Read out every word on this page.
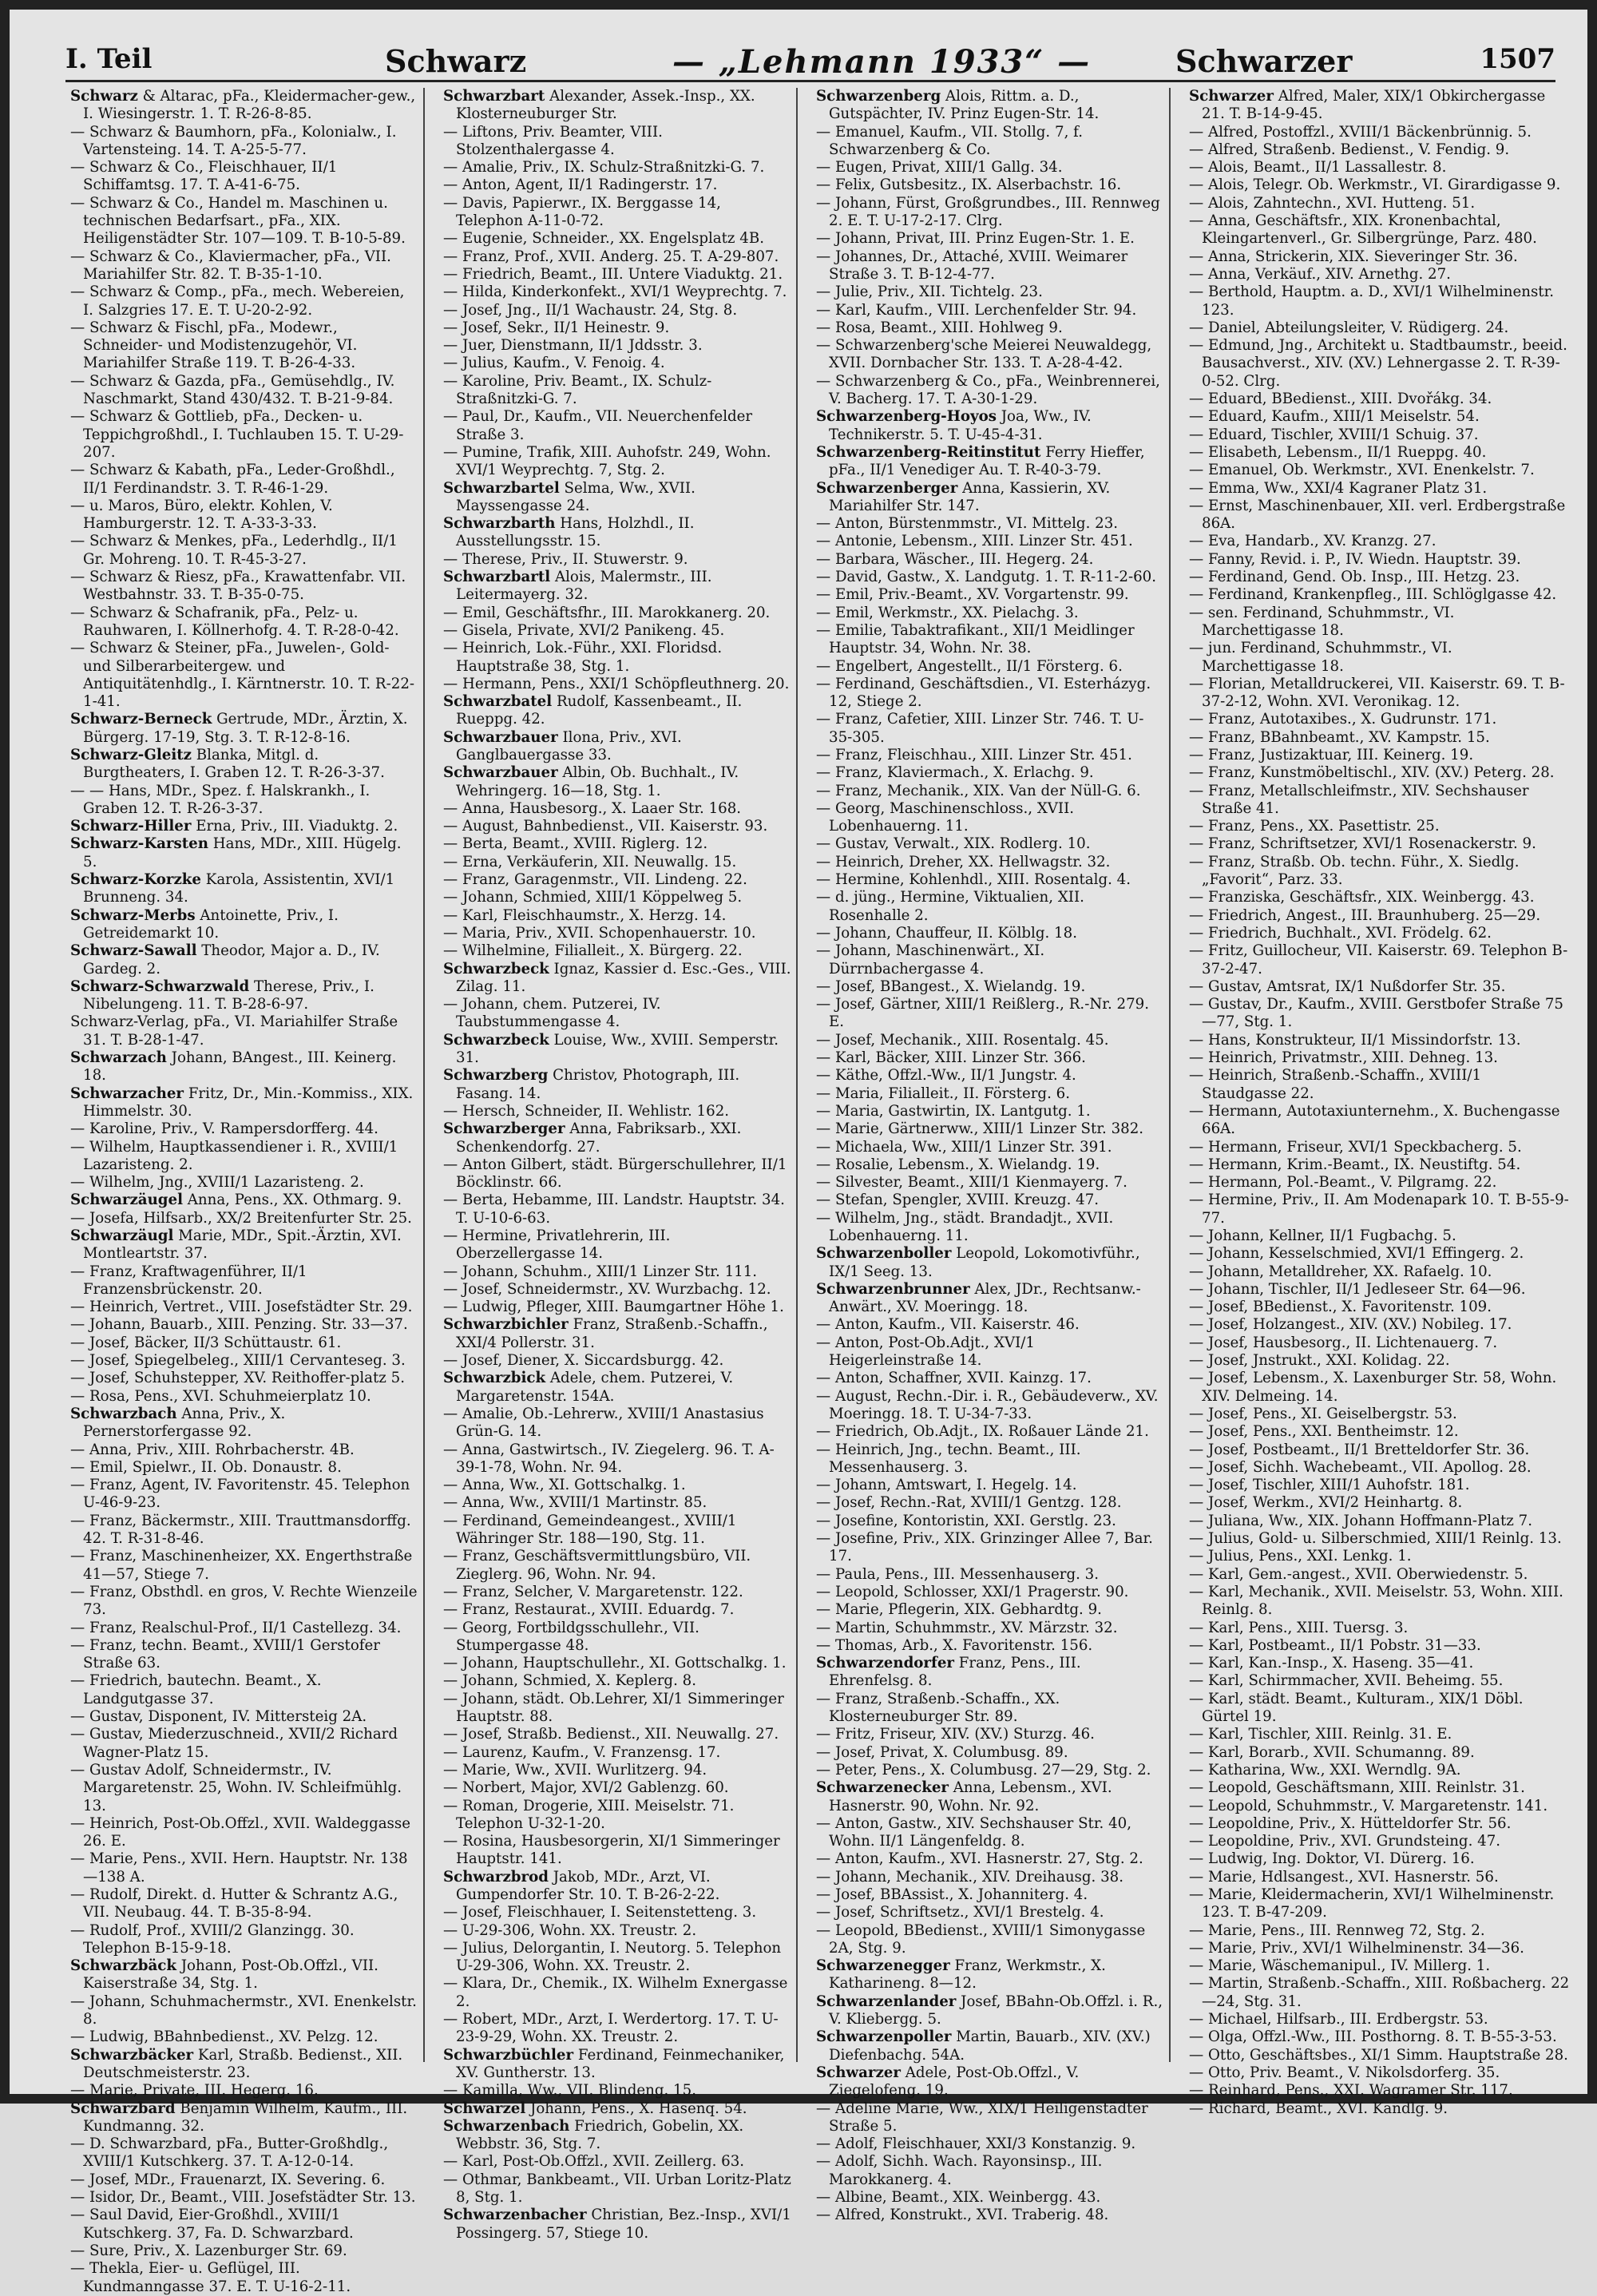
I. Teil	Schwarz	— „Lehmann 1933“ —	Schwarzer	1507
Schwarz & Altarac, pFa., Kleidermacher-gew., I. Wiesingerstr. 1. T. R-26-8-85.
— Schwarz & Baumhorn, pFa., Kolonialw., I. Vartensteing. 14. T. A-25-5-77.
— Schwarz & Co., Fleischhauer, II/1 Schiffamtsg. 17. T. A-41-6-75.
— Schwarz & Co., Handel m. Maschinen u. technischen Bedarfsart., pFa., XIX. Heiligenstädter Str. 107—109. T. B-10-5-89.
— Schwarz & Co., Klaviermacher, pFa., VII. Mariahilfer Str. 82. T. B-35-1-10.
— Schwarz & Comp., pFa., mech. Webereien, I. Salzgries 17. E. T. U-20-2-92.
— Schwarz & Fischl, pFa., Modewr., Schneider- und Modistenzugehör, VI. Mariahilfer Straße 119. T. B-26-4-33.
— Schwarz & Gazda, pFa., Gemüsehdlg., IV. Naschmarkt, Stand 430/432. T. B-21-9-84.
— Schwarz & Gottlieb, pFa., Decken- u. Teppichgroßhdl., I. Tuchlauben 15. T. U-29-207.
— Schwarz & Kabath, pFa., Leder-Großhdl., II/1 Ferdinandstr. 3. T. R-46-1-29.
— u. Maros, Büro, elektr. Kohlen, V. Hamburgerstr. 12. T. A-33-3-33.
— Schwarz & Menkes, pFa., Lederhdlg., II/1 Gr. Mohreng. 10. T. R-45-3-27.
— Schwarz & Riesz, pFa., Krawattenfabr. VII. Westbahnstr. 33. T. B-35-0-75.
— Schwarz & Schafranik, pFa., Pelz- u. Rauhwaren, I. Köllnerhofg. 4. T. R-28-0-42.
— Schwarz & Steiner, pFa., Juwelen-, Gold- und Silberarbeitergew. und Antiquitätenhdlg., I. Kärntnerstr. 10. T. R-22-1-41.
Schwarz-Berneck Gertrude, MDr., Ärztin, X. Bürgerg. 17-19, Stg. 3. T. R-12-8-16.
Schwarz-Gleitz Blanka, Mitgl. d. Burgtheaters, I. Graben 12. T. R-26-3-37.
— — Hans, MDr., Spez. f. Halskrankh., I. Graben 12. T. R-26-3-37.
Schwarz-Hiller Erna, Priv., III. Viaduktg. 2.
Schwarz-Karsten Hans, MDr., XIII. Hügelg. 5.
Schwarz-Korzke Karola, Assistentin, XVI/1 Brunneng. 34.
Schwarz-Merbs Antoinette, Priv., I. Getreidemarkt 10.
Schwarz-Sawall Theodor, Major a. D., IV. Gardeg. 2.
Schwarz-Schwarzwald Therese, Priv., I. Nibelungeng. 11. T. B-28-6-97.
Schwarz-Verlag, pFa., VI. Mariahilfer Straße 31. T. B-28-1-47.
Schwarzach Johann, BAngest., III. Keinerg. 18.
Schwarzacher Fritz, Dr., Min.-Kommiss., XIX. Himmelstr. 30.
— Karoline, Priv., V. Rampersdorfferg. 44.
— Wilhelm, Hauptkassendiener i. R., XVIII/1 Lazaristeng. 2.
— Wilhelm, Jng., XVIII/1 Lazaristeng. 2.
Schwarzäugel Anna, Pens., XX. Othmarg. 9.
— Josefa, Hilfsarb., XX/2 Breitenfurter Str. 25.
Schwarzäugl Marie, MDr., Spit.-Ärztin, XVI. Montleartstr. 37.
— Franz, Kraftwagenführer, II/1 Franzensbrückenstr. 20.
— Heinrich, Vertret., VIII. Josefstädter Str. 29.
— Johann, Bauarb., XIII. Penzing. Str. 33—37.
— Josef, Bäcker, II/3 Schüttaustr. 61.
— Josef, Spiegelbeleg., XIII/1 Cervanteseg. 3.
— Josef, Schuhstepper, XV. Reithoffer-platz 5.
— Rosa, Pens., XVI. Schuhmeierplatz 10.
Schwarzbach Anna, Priv., X. Pernerstorfergasse 92.
— Anna, Priv., XIII. Rohrbacherstr. 4B.
— Emil, Spielwr., II. Ob. Donaustr. 8.
— Franz, Agent, IV. Favoritenstr. 45. Telephon U-46-9-23.
— Franz, Bäckermstr., XIII. Trauttmansdorffg. 42. T. R-31-8-46.
— Franz, Maschinenheizer, XX. Engerthstraße 41—57, Stiege 7.
— Franz, Obsthdl. en gros, V. Rechte Wienzeile 73.
— Franz, Realschul-Prof., II/1 Castellezg. 34.
— Franz, techn. Beamt., XVIII/1 Gerstofer Straße 63.
— Friedrich, bautechn. Beamt., X. Landgutgasse 37.
— Gustav, Disponent, IV. Mittersteig 2A.
— Gustav, Miederzuschneid., XVII/2 Richard Wagner-Platz 15.
— Gustav Adolf, Schneidermstr., IV. Margaretenstr. 25, Wohn. IV. Schleifmühlg. 13.
— Heinrich, Post-Ob.Offzl., XVII. Waldeggasse 26. E.
— Marie, Pens., XVII. Hern. Hauptstr. Nr. 138—138 A.
— Rudolf, Direkt. d. Hutter & Schrantz A.G., VII. Neubaug. 44. T. B-35-8-94.
— Rudolf, Prof., XVIII/2 Glanzingg. 30. Telephon B-15-9-18.
Schwarzbäck Johann, Post-Ob.Offzl., VII. Kaiserstraße 34, Stg. 1.
— Johann, Schuhmachermstr., XVI. Enenkelstr. 8.
— Ludwig, BBahnbedienst., XV. Pelzg. 12.
Schwarzbäcker Karl, Straßb. Bedienst., XII. Deutschmeisterstr. 23.
— Marie, Private, III. Hegerg. 16.
Schwarzbard Benjamin Wilhelm, Kaufm., III. Kundmanng. 32.
— D. Schwarzbard, pFa., Butter-Großhdlg., XVIII/1 Kutschkerg. 37. T. A-12-0-14.
— Josef, MDr., Frauenarzt, IX. Severing. 6.
— Isidor, Dr., Beamt., VIII. Josefstädter Str. 13.
— Saul David, Eier-Großhdl., XVIII/1 Kutschkerg. 37, Fa. D. Schwarzbard.
— Sure, Priv., X. Lazenburger Str. 69.
— Thekla, Eier- u. Geflügel, III. Kundmanngasse 37. E. T. U-16-2-11.
Schwarzbart Alexander, Assek.-Insp., XX. Klosterneuburger Str.
— Liftons, Priv. Beamter, VIII. Stolzenthalergasse 4.
— Amalie, Priv., IX. Schulz-Straßnitzki-G. 7.
— Anton, Agent, II/1 Radingerstr. 17.
— Davis, Papierwr., IX. Berggasse 14, Telephon A-11-0-72.
— Eugenie, Schneider., XX. Engelsplatz 4B.
— Franz, Prof., XVII. Anderg. 25. T. A-29-807.
— Friedrich, Beamt., III. Untere Viaduktg. 21.
— Hilda, Kinderkonfekt., XVI/1 Weyprechtg. 7.
— Josef, Jng., II/1 Wachaustr. 24, Stg. 8.
— Josef, Sekr., II/1 Heinestr. 9.
— Juer, Dienstmann, II/1 Jddsstr. 3.
— Julius, Kaufm., V. Fenoig. 4.
— Karoline, Priv. Beamt., IX. Schulz-Straßnitzki-G. 7.
— Paul, Dr., Kaufm., VII. Neuerchenfelder Straße 3.
— Pumine, Trafik, XIII. Auhofstr. 249, Wohn. XVI/1 Weyprechtg. 7, Stg. 2.
Schwarzbartel Selma, Ww., XVII. Mayssengasse 24.
Schwarzbarth Hans, Holzhdl., II. Ausstellungsstr. 15.
— Therese, Priv., II. Stuwerstr. 9.
Schwarzbartl Alois, Malermstr., III. Leitermayerg. 32.
— Emil, Geschäftsfhr., III. Marokkanerg. 20.
— Gisela, Private, XVI/2 Panikeng. 45.
— Heinrich, Lok.-Führ., XXI. Floridsd. Hauptstraße 38, Stg. 1.
— Hermann, Pens., XXI/1 Schöpfleuthnerg. 20.
Schwarzbatel Rudolf, Kassenbeamt., II. Rueppg. 42.
Schwarzbauer Ilona, Priv., XVI. Ganglbauergasse 33.
Schwarzbauer Albin, Ob. Buchhalt., IV. Wehringerg. 16—18, Stg. 1.
— Anna, Hausbesorg., X. Laaer Str. 168.
— August, Bahnbedienst., VII. Kaiserstr. 93.
— Berta, Beamt., XVIII. Riglerg. 12.
— Erna, Verkäuferin, XII. Neuwallg. 15.
— Franz, Garagenmstr., VII. Lindeng. 22.
— Johann, Schmied, XIII/1 Köppelweg 5.
— Karl, Fleischhaumstr., X. Herzg. 14.
— Maria, Priv., XVII. Schopenhauerstr. 10.
— Wilhelmine, Filialleit., X. Bürgerg. 22.
Schwarzbeck Ignaz, Kassier d. Esc.-Ges., VIII. Zilag. 11.
— Johann, chem. Putzerei, IV. Taubstummengasse 4.
Schwarzbeck Louise, Ww., XVIII. Semperstr. 31.
Schwarzberg Christov, Photograph, III. Fasang. 14.
— Hersch, Schneider, II. Wehlistr. 162.
Schwarzberger Anna, Fabriksarb., XXI. Schenkendorfg. 27.
— Anton Gilbert, städt. Bürgerschullehrer, II/1 Böcklinstr. 66.
— Berta, Hebamme, III. Landstr. Hauptstr. 34. T. U-10-6-63.
— Hermine, Privatlehrerin, III. Oberzellergasse 14.
— Johann, Schuhm., XIII/1 Linzer Str. 111.
— Josef, Schneidermstr., XV. Wurzbachg. 12.
— Ludwig, Pfleger, XIII. Baumgartner Höhe 1.
Schwarzbichler Franz, Straßenb.-Schaffn., XXI/4 Pollerstr. 31.
— Josef, Diener, X. Siccardsburgg. 42.
Schwarzbick Adele, chem. Putzerei, V. Margaretenstr. 154A.
— Amalie, Ob.-Lehrerw., XVIII/1 Anastasius Grün-G. 14.
— Anna, Gastwirtsch., IV. Ziegelerg. 96. T. A-39-1-78, Wohn. Nr. 94.
— Anna, Ww., XI. Gottschalkg. 1.
— Anna, Ww., XVIII/1 Martinstr. 85.
— Ferdinand, Gemeindeangest., XVIII/1 Währinger Str. 188—190, Stg. 11.
— Franz, Geschäftsvermittlungsbüro, VII. Zieglerg. 96, Wohn. Nr. 94.
— Franz, Selcher, V. Margaretenstr. 122.
— Franz, Restaurat., XVIII. Eduardg. 7.
— Georg, Fortbildgsschullehr., VII. Stumpergasse 48.
— Johann, Hauptschullehr., XI. Gottschalkg. 1.
— Johann, Schmied, X. Keplerg. 8.
— Johann, städt. Ob.Lehrer, XI/1 Simmeringer Hauptstr. 88.
— Josef, Straßb. Bedienst., XII. Neuwallg. 27.
— Laurenz, Kaufm., V. Franzensg. 17.
— Marie, Ww., XVII. Wurlitzerg. 94.
— Norbert, Major, XVI/2 Gablenzg. 60.
— Roman, Drogerie, XIII. Meiselstr. 71. Telephon U-32-1-20.
— Rosina, Hausbesorgerin, XI/1 Simmeringer Hauptstr. 141.
Schwarzbrod Jakob, MDr., Arzt, VI. Gumpendorfer Str. 10. T. B-26-2-22.
— Josef, Fleischhauer, I. Seitenstetteng. 3.
— U-29-306, Wohn. XX. Treustr. 2.
— Julius, Delorgantin, I. Neutorg. 5. Telephon U-29-306, Wohn. XX. Treustr. 2.
— Klara, Dr., Chemik., IX. Wilhelm Exnergasse 2.
— Robert, MDr., Arzt, I. Werdertorg. 17. T. U-23-9-29, Wohn. XX. Treustr. 2.
Schwarzbüchler Ferdinand, Feinmechaniker, XV. Guntherstr. 13.
— Kamilla, Ww., VII. Blindeng. 15.
Schwarzel Johann, Pens., X. Hasenq. 54.
Schwarzenbach Friedrich, Gobelin, XX. Webbstr. 36, Stg. 7.
— Karl, Post-Ob.Offzl., XVII. Zeillerg. 63.
— Othmar, Bankbeamt., VII. Urban Loritz-Platz 8, Stg. 1.
Schwarzenbacher Christian, Bez.-Insp., XVI/1 Possingerg. 57, Stiege 10.
Schwarzenberg Alois, Rittm. a. D., Gutspächter, IV. Prinz Eugen-Str. 14.
— Emanuel, Kaufm., VII. Stollg. 7, f. Schwarzenberg & Co.
— Eugen, Privat, XIII/1 Gallg. 34.
— Felix, Gutsbesitz., IX. Alserbachstr. 16.
— Johann, Fürst, Großgrundbes., III. Rennweg 2. E. T. U-17-2-17. Clrg.
— Johann, Privat, III. Prinz Eugen-Str. 1. E.
— Johannes, Dr., Attaché, XVIII. Weimarer Straße 3. T. B-12-4-77.
— Julie, Priv., XII. Tichtelg. 23.
— Karl, Kaufm., VIII. Lerchenfelder Str. 94.
— Rosa, Beamt., XIII. Hohlweg 9.
— Schwarzenberg'sche Meierei Neuwaldegg, XVII. Dornbacher Str. 133. T. A-28-4-42.
— Schwarzenberg & Co., pFa., Weinbrennerei, V. Bacherg. 17. T. A-30-1-29.
Schwarzenberg-Hoyos Joa, Ww., IV. Technikerstr. 5. T. U-45-4-31.
Schwarzenberg-Reitinstitut Ferry Hieffer, pFa., II/1 Venediger Au. T. R-40-3-79.
Schwarzenberger Anna, Kassierin, XV. Mariahilfer Str. 147.
— Anton, Bürstenmmstr., VI. Mittelg. 23.
— Antonie, Lebensm., XIII. Linzer Str. 451.
— Barbara, Wäscher., III. Hegerg. 24.
— David, Gastw., X. Landgutg. 1. T. R-11-2-60.
— Emil, Priv.-Beamt., XV. Vorgartenstr. 99.
— Emil, Werkmstr., XX. Pielachg. 3.
— Emilie, Tabaktrafikant., XII/1 Meidlinger Hauptstr. 34, Wohn. Nr. 38.
— Engelbert, Angestellt., II/1 Försterg. 6.
— Ferdinand, Geschäftsdien., VI. Esterházyg. 12, Stiege 2.
— Franz, Cafetier, XIII. Linzer Str. 746. T. U-35-305.
— Franz, Fleischhau., XIII. Linzer Str. 451.
— Franz, Klaviermach., X. Erlachg. 9.
— Franz, Mechanik., XIX. Van der Nüll-G. 6.
— Georg, Maschinenschloss., XVII. Lobenhauerng. 11.
— Gustav, Verwalt., XIX. Rodlerg. 10.
— Heinrich, Dreher, XX. Hellwagstr. 32.
— Hermine, Kohlenhdl., XIII. Rosentalg. 4.
— d. jüng., Hermine, Viktualien, XII. Rosenhalle 2.
— Johann, Chauffeur, II. Kölblg. 18.
— Johann, Maschinenwärt., XI. Dürrnbachergasse 4.
— Josef, BBangest., X. Wielandg. 19.
— Josef, Gärtner, XIII/1 Reißlerg., R.-Nr. 279. E.
— Josef, Mechanik., XIII. Rosentalg. 45.
— Karl, Bäcker, XIII. Linzer Str. 366.
— Käthe, Offzl.-Ww., II/1 Jungstr. 4.
— Maria, Filialleit., II. Försterg. 6.
— Maria, Gastwirtin, IX. Lantgutg. 1.
— Marie, Gärtnerww., XIII/1 Linzer Str. 382.
— Michaela, Ww., XIII/1 Linzer Str. 391.
— Rosalie, Lebensm., X. Wielandg. 19.
— Silvester, Beamt., XIII/1 Kienmayerg. 7.
— Stefan, Spengler, XVIII. Kreuzg. 47.
— Wilhelm, Jng., städt. Brandadjt., XVII. Lobenhauerng. 11.
Schwarzenboller Leopold, Lokomotivführ., IX/1 Seeg. 13.
Schwarzenbrunner Alex, JDr., Rechtsanw.-Anwärt., XV. Moeringg. 18.
— Anton, Kaufm., VII. Kaiserstr. 46.
— Anton, Post-Ob.Adjt., XVI/1 Heigerleinstraße 14.
— Anton, Schaffner, XVII. Kainzg. 17.
— August, Rechn.-Dir. i. R., Gebäudeverw., XV. Moeringg. 18. T. U-34-7-33.
— Friedrich, Ob.Adjt., IX. Roßauer Lände 21.
— Heinrich, Jng., techn. Beamt., III. Messenhauserg. 3.
— Johann, Amtswart, I. Hegelg. 14.
— Josef, Rechn.-Rat, XVIII/1 Gentzg. 128.
— Josefine, Kontoristin, XXI. Gerstlg. 23.
— Josefine, Priv., XIX. Grinzinger Allee 7, Bar. 17.
— Paula, Pens., III. Messenhauserg. 3.
— Leopold, Schlosser, XXI/1 Pragerstr. 90.
— Marie, Pflegerin, XIX. Gebhardtg. 9.
— Martin, Schuhmmstr., XV. Märzstr. 32.
— Thomas, Arb., X. Favoritenstr. 156.
Schwarzendorfer Franz, Pens., III. Ehrenfelsg. 8.
— Franz, Straßenb.-Schaffn., XX. Klosterneuburger Str. 89.
— Fritz, Friseur, XIV. (XV.) Sturzg. 46.
— Josef, Privat, X. Columbusg. 89.
— Peter, Pens., X. Columbusg. 27—29, Stg. 2.
Schwarzenecker Anna, Lebensm., XVI. Hasnerstr. 90, Wohn. Nr. 92.
— Anton, Gastw., XIV. Sechshauser Str. 40, Wohn. II/1 Längenfeldg. 8.
— Anton, Kaufm., XVI. Hasnerstr. 27, Stg. 2.
— Johann, Mechanik., XIV. Dreihausg. 38.
— Josef, BBAssist., X. Johanniterg. 4.
— Josef, Schriftsetz., XVI/1 Brestelg. 4.
— Leopold, BBedienst., XVIII/1 Simonygasse 2A, Stg. 9.
Schwarzenegger Franz, Werkmstr., X. Katharineng. 8—12.
Schwarzenlander Josef, BBahn-Ob.Offzl. i. R., V. Kliebergg. 5.
Schwarzenpoller Martin, Bauarb., XIV. (XV.) Diefenbachg. 54A.
Schwarzer Adele, Post-Ob.Offzl., V. Ziegelofeng. 19.
— Adeline Marie, Ww., XIX/1 Heiligenstädter Straße 5.
— Adolf, Fleischhauer, XXI/3 Konstanzig. 9.
— Adolf, Sichh. Wach. Rayonsinsp., III. Marokkanerg. 4.
— Albine, Beamt., XIX. Weinbergg. 43.
— Alfred, Konstrukt., XVI. Traberig. 48.
Schwarzer Alfred, Maler, XIX/1 Obkirchergasse 21. T. B-14-9-45.
— Alfred, Postoffzl., XVIII/1 Bäckenbrünnig. 5.
— Alfred, Straßenb. Bedienst., V. Fendig. 9.
— Alois, Beamt., II/1 Lassallestr. 8.
— Alois, Telegr. Ob. Werkmstr., VI. Girardigasse 9.
— Alois, Zahntechn., XVI. Hutteng. 51.
— Anna, Geschäftsfr., XIX. Kronenbachtal, Kleingartenverl., Gr. Silbergrünge, Parz. 480.
— Anna, Strickerin, XIX. Sieveringer Str. 36.
— Anna, Verkäuf., XIV. Arnethg. 27.
— Berthold, Hauptm. a. D., XVI/1 Wilhelminenstr. 123.
— Daniel, Abteilungsleiter, V. Rüdigerg. 24.
— Edmund, Jng., Architekt u. Stadtbaumstr., beeid. Bausachverst., XIV. (XV.) Lehnergasse 2. T. R-39-0-52. Clrg.
— Eduard, BBedienst., XIII. Dvořákg. 34.
— Eduard, Kaufm., XIII/1 Meiselstr. 54.
— Eduard, Tischler, XVIII/1 Schuig. 37.
— Elisabeth, Lebensm., II/1 Rueppg. 40.
— Emanuel, Ob. Werkmstr., XVI. Enenkelstr. 7.
— Emma, Ww., XXI/4 Kagraner Platz 31.
— Ernst, Maschinenbauer, XII. verl. Erdbergstraße 86A.
— Eva, Handarb., XV. Kranzg. 27.
— Fanny, Revid. i. P., IV. Wiedn. Hauptstr. 39.
— Ferdinand, Gend. Ob. Insp., III. Hetzg. 23.
— Ferdinand, Krankenpfleg., III. Schlöglgasse 42.
— sen. Ferdinand, Schuhmmstr., VI. Marchettigasse 18.
— jun. Ferdinand, Schuhmmstr., VI. Marchettigasse 18.
— Florian, Metalldruckerei, VII. Kaiserstr. 69. T. B-37-2-12, Wohn. XVI. Veronikag. 12.
— Franz, Autotaxibes., X. Gudrunstr. 171.
— Franz, BBahnbeamt., XV. Kampstr. 15.
— Franz, Justizaktuar, III. Keinerg. 19.
— Franz, Kunstmöbeltischl., XIV. (XV.) Peterg. 28.
— Franz, Metallschleifmstr., XIV. Sechshauser Straße 41.
— Franz, Pens., XX. Pasettistr. 25.
— Franz, Schriftsetzer, XVI/1 Rosenackerstr. 9.
— Franz, Straßb. Ob. techn. Führ., X. Siedlg. „Favorit“, Parz. 33.
— Franziska, Geschäftsfr., XIX. Weinbergg. 43.
— Friedrich, Angest., III. Braunhuberg. 25—29.
— Friedrich, Buchhalt., XVI. Frödelg. 62.
— Fritz, Guillocheur, VII. Kaiserstr. 69. Telephon B-37-2-47.
— Gustav, Amtsrat, IX/1 Nußdorfer Str. 35.
— Gustav, Dr., Kaufm., XVIII. Gerstbofer Straße 75—77, Stg. 1.
— Hans, Konstrukteur, II/1 Missindorfstr. 13.
— Heinrich, Privatmstr., XIII. Dehneg. 13.
— Heinrich, Straßenb.-Schaffn., XVIII/1 Staudgasse 22.
— Hermann, Autotaxiunternehm., X. Buchengasse 66A.
— Hermann, Friseur, XVI/1 Speckbacherg. 5.
— Hermann, Krim.-Beamt., IX. Neustiftg. 54.
— Hermann, Pol.-Beamt., V. Pilgramg. 22.
— Hermine, Priv., II. Am Modenapark 10. T. B-55-9-77.
— Johann, Kellner, II/1 Fugbachg. 5.
— Johann, Kesselschmied, XVI/1 Effingerg. 2.
— Johann, Metalldreher, XX. Rafaelg. 10.
— Johann, Tischler, II/1 Jedleseer Str. 64—96.
— Josef, BBedienst., X. Favoritenstr. 109.
— Josef, Holzangest., XIV. (XV.) Nobileg. 17.
— Josef, Hausbesorg., II. Lichtenauerg. 7.
— Josef, Jnstrukt., XXI. Kolidag. 22.
— Josef, Lebensm., X. Laxenburger Str. 58, Wohn. XIV. Delmeing. 14.
— Josef, Pens., XI. Geiselbergstr. 53.
— Josef, Pens., XXI. Bentheimstr. 12.
— Josef, Postbeamt., II/1 Bretteldorfer Str. 36.
— Josef, Sichh. Wachebeamt., VII. Apollog. 28.
— Josef, Tischler, XIII/1 Auhofstr. 181.
— Josef, Werkm., XVI/2 Heinhartg. 8.
— Juliana, Ww., XIX. Johann Hoffmann-Platz 7.
— Julius, Gold- u. Silberschmied, XIII/1 Reinlg. 13.
— Julius, Pens., XXI. Lenkg. 1.
— Karl, Gem.-angest., XVII. Oberwiedenstr. 5.
— Karl, Mechanik., XVII. Meiselstr. 53, Wohn. XIII. Reinlg. 8.
— Karl, Pens., XIII. Tuersg. 3.
— Karl, Postbeamt., II/1 Pobstr. 31—33.
— Karl, Kan.-Insp., X. Haseng. 35—41.
— Karl, Schirmmacher, XVII. Beheimg. 55.
— Karl, städt. Beamt., Kulturam., XIX/1 Döbl. Gürtel 19.
— Karl, Tischler, XIII. Reinlg. 31. E.
— Karl, Borarb., XVII. Schumanng. 89.
— Katharina, Ww., XXI. Werndlg. 9A.
— Leopold, Geschäftsmann, XIII. Reinlstr. 31.
— Leopold, Schuhmmstr., V. Margaretenstr. 141.
— Leopoldine, Priv., X. Hütteldorfer Str. 56.
— Leopoldine, Priv., XVI. Grundsteing. 47.
— Ludwig, Ing. Doktor, VI. Dürerg. 16.
— Marie, Hdlsangest., XVI. Hasnerstr. 56.
— Marie, Kleidermacherin, XVI/1 Wilhelminenstr. 123. T. B-47-209.
— Marie, Pens., III. Rennweg 72, Stg. 2.
— Marie, Priv., XVI/1 Wilhelminenstr. 34—36.
— Marie, Wäschemanipul., IV. Millerg. 1.
— Martin, Straßenb.-Schaffn., XIII. Roßbacherg. 22—24, Stg. 31.
— Michael, Hilfsarb., III. Erdbergstr. 53.
— Olga, Offzl.-Ww., III. Posthorng. 8. T. B-55-3-53.
— Otto, Geschäftsbes., XI/1 Simm. Hauptstraße 28.
— Otto, Priv. Beamt., V. Nikolsdorferg. 35.
— Reinhard, Pens., XXI. Wagramer Str. 117.
— Richard, Beamt., XVI. Kandlg. 9.
